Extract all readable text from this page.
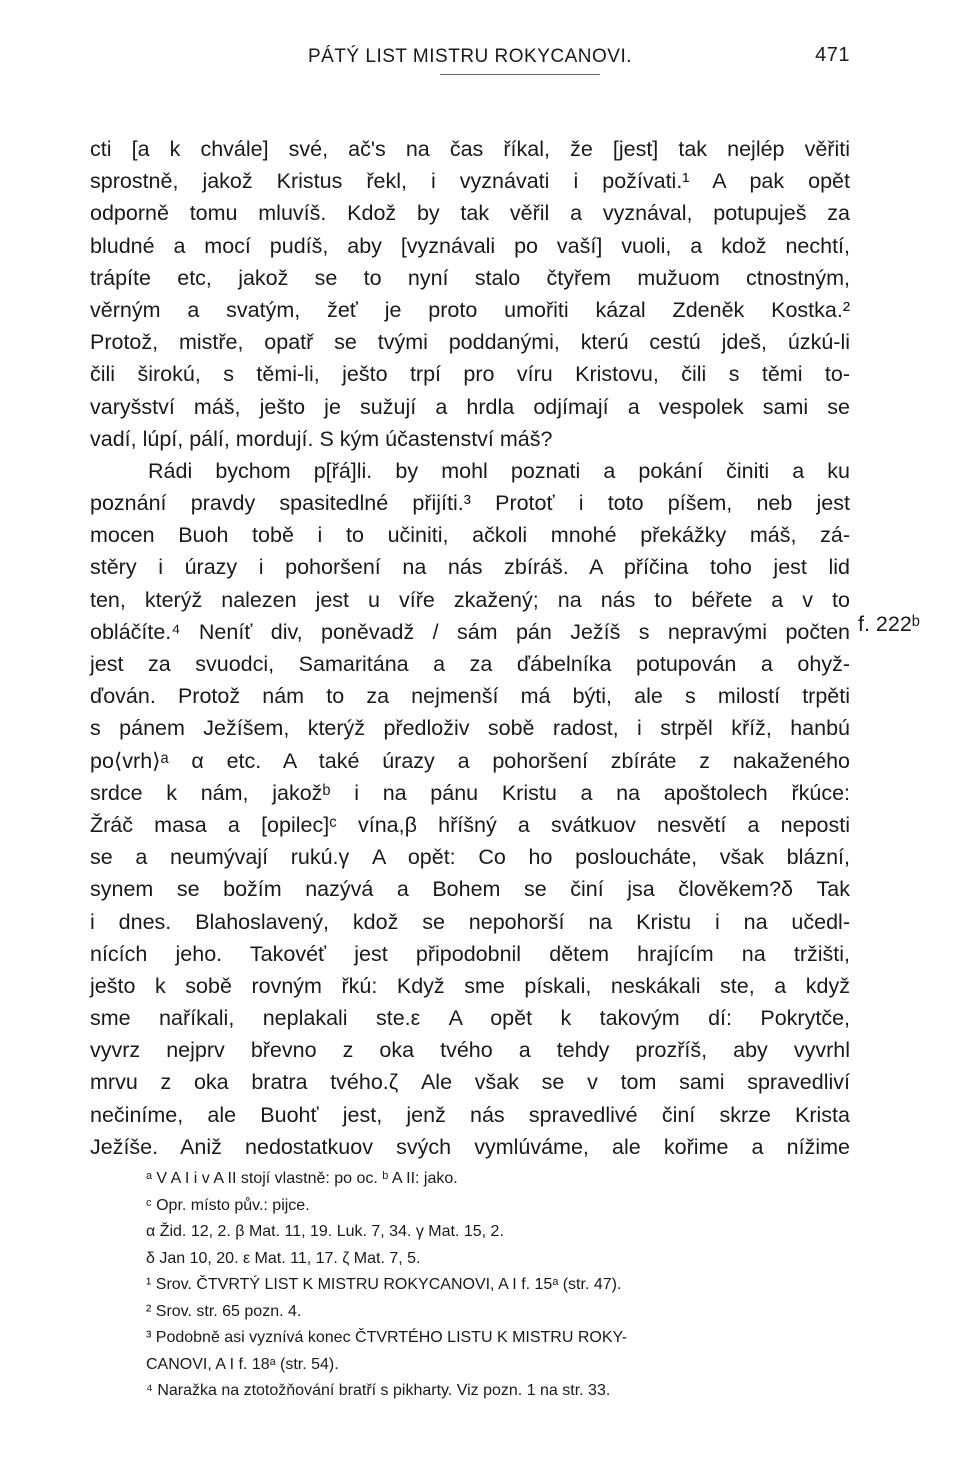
PÁTÝ LIST MISTRU ROKYCANOVI.	471
cti [a k chvále] své, ač's na čas říkal, že [jest] tak nejlép věřiti
sprostně, jakož Kristus řekl, i vyznávati i požívati.¹ A pak opět
odporně tomu mluvíš. Kdož by tak věřil a vyznával, potupuješ za
bludné a mocí pudíš, aby [vyznávali po vaší] vuoli, a kdož nechtí,
trápíte etc, jakož se to nyní stalo čtyřem mužuom ctnostným,
věrným a svatým, žeť je proto umořiti kázal Zdeněk Kostka.²
Protož, mistře, opatř se tvými poddanými, kterú cestú jdeš, úzkú-li
čili širokú, s těmi-li, ješto trpí pro víru Kristovu, čili s těmi to-
varyšství máš, ješto je sužují a hrdla odjímají a vespolek sami se
vadí, lúpí, pálí, mordují. S kým účastenství máš?
Rádi bychom p[řá]li. by mohl poznati a pokání činiti a ku
poznání pravdy spasitedlné přijíti.³ Protoť i toto píšem, neb jest
mocen Buoh tobě i to učiniti, ačkoli mnohé překážky máš, zá-
stěry i úrazy i pohoršení na nás zbíráš. A příčina toho jest lid
ten, kterýž nalezen jest u víře zkažený; na nás to béřete a v to
obláčíte.⁴ Neníť div, poněvadž / sám pán Ježíš s nepravými počten
jest za svuodci, Samaritána a za ďábelníka potupován a ohyž-
ďován. Protož nám to za nejmenší má býti, ale s milostí trpěti
s pánem Ježíšem, kterýž předloživ sobě radost, i strpěl kříž, hanbú
po⟨vrh⟩ᵃ α etc. A také úrazy a pohoršení zbíráte z nakaženého
srdce k nám, jakožᵇ i na pánu Kristu a na apoštolech řkúce:
Žráč masa a [opilec]ᶜ vína,β hříšný a svátkuov nesvětí a neposti
se a neumývají rukú.γ A opět: Co ho posloucháte, však blázní,
synem se božím nazývá a Bohem se činí jsa člověkem?δ Tak
i dnes. Blahoslavený, kdož se nepohorší na Kristu i na učedl-
nících jeho. Takovéť jest připodobnil dětem hrajícím na tržišti,
ješto k sobě rovným řkú: Když sme pískali, neskákali ste, a když
sme naříkali, neplakali ste.ε A opět k takovým dí: Pokrytče,
vyvrz nejprv břevno z oka tvého a tehdy prozříš, aby vyvrhl
mrvu z oka bratra tvého.ζ Ale však se v tom sami spravedliví
nečiníme, ale Buohť jest, jenž nás spravedlivé činí skrze Krista
Ježíše. Aniž nedostatkuov svých vymlúváme, ale kořime a nížime
f. 222ᵇ
ᵃ V A I i v A II stojí vlastně: po oc. ᵇ A II: jako.
ᶜ Opr. místo pův.: pijce.
α Žid. 12, 2. β Mat. 11, 19. Luk. 7, 34. γ Mat. 15, 2.
δ Jan 10, 20. ε Mat. 11, 17. ζ Mat. 7, 5.
¹ Srov. ČTVRTÝ LIST K MISTRU ROKYCANOVI, A I f. 15ᵃ (str. 47).
² Srov. str. 65 pozn. 4.
³ Podobně asi vyznívá konec ČTVRTÉHO LISTU K MISTRU ROKY-
CANOVI, A I f. 18ᵃ (str. 54).
⁴ Naražka na ztotožňování bratří s pikharty. Viz pozn. 1 na str. 33.
